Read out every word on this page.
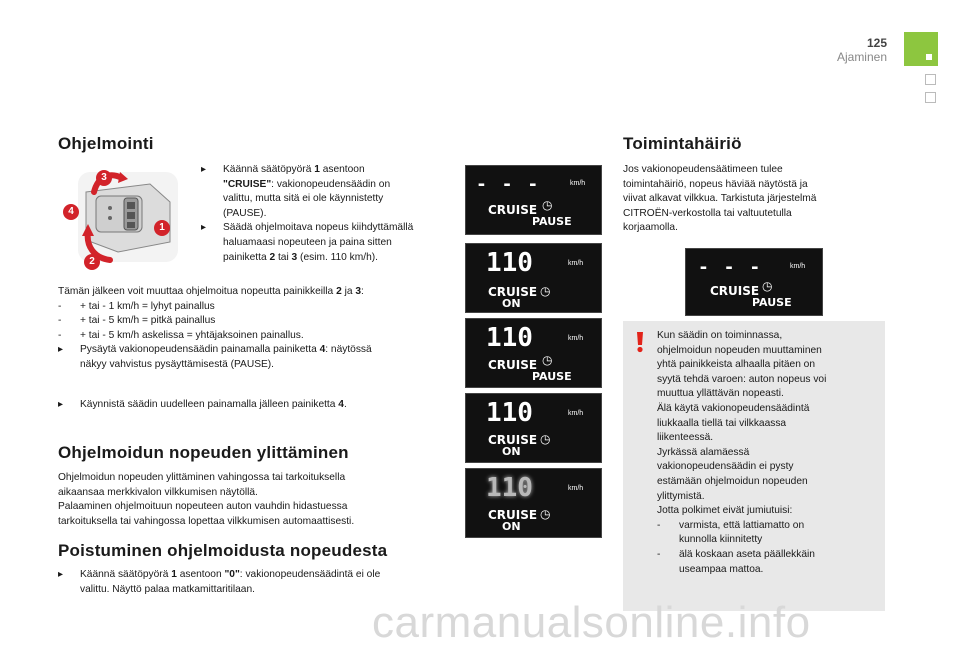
125
Ajaminen
Ohjelmointi
3
4
1
2
▸	Käännä säätöpyörä 1 asentoon
"CRUISE": vakionopeudensäädin on
valittu, mutta sitä ei ole käynnistetty
(PAUSE).
▸	Säädä ohjelmoitava nopeus kiihdyttämällä
haluamaasi nopeuteen ja paina sitten
painiketta 2 tai 3 (esim. 110 km/h).
Tämän jälkeen voit muuttaa ohjelmoitua nopeutta painikkeilla 2 ja 3:
-	+ tai - 1 km/h = lyhyt painallus
-	+ tai - 5 km/h = pitkä painallus
-	+ tai - 5 km/h askelissa = yhtäjaksoinen painallus.
▸	Pysäytä vakionopeudensäädin painamalla painiketta 4: näytössä
näkyy vahvistus pysäyttämisestä (PAUSE).
▸	Käynnistä säädin uudelleen painamalla jälleen painiketta 4.
Ohjelmoidun nopeuden ylittäminen
Ohjelmoidun nopeuden ylittäminen vahingossa tai tarkoituksella
aikaansaa merkkivalon vilkkumisen näytöllä.
Palaaminen ohjelmoituun nopeuteen auton vauhdin hidastuessa
tarkoituksella tai vahingossa lopettaa vilkkumisen automaattisesti.
Poistuminen ohjelmoidusta nopeudesta
▸	Käännä säätöpyörä 1 asentoon "0": vakionopeudensäädintä ei ole
valittu. Näyttö palaa matkamittaritilaan.
- - -	km/h
CRUISE
PAUSE
◷
110	km/h
CRUISE
ON
◷
110	km/h
CRUISE
PAUSE
◷
110	km/h
CRUISE
ON
◷
110	km/h
CRUISE
ON
◷
Toimintahäiriö
Jos vakionopeudensäätimeen tulee
toimintahäiriö, nopeus häviää näytöstä ja
viivat alkavat vilkkua. Tarkistuta järjestelmä
CITROËN-verkostolla tai valtuutetulla
korjaamolla.
- - -	km/h
CRUISE
PAUSE
◷
Kun säädin on toiminnassa,
ohjelmoidun nopeuden muuttaminen
yhtä painikkeista alhaalla pitäen on
syytä tehdä varoen: auton nopeus voi
muuttua yllättävän nopeasti.
Älä käytä vakionopeudensäädintä
liukkaalla tiellä tai vilkkaassa
liikenteessä.
Jyrkässä alamäessä
vakionopeudensäädin ei pysty
estämään ohjelmoidun nopeuden
ylittymistä.
Jotta polkimet eivät jumiutuisi:
-	varmista, että lattiamatto on
kunnolla kiinnitetty
-	älä koskaan aseta päällekkäin
useampaa mattoa.
carmanualsonline.info
